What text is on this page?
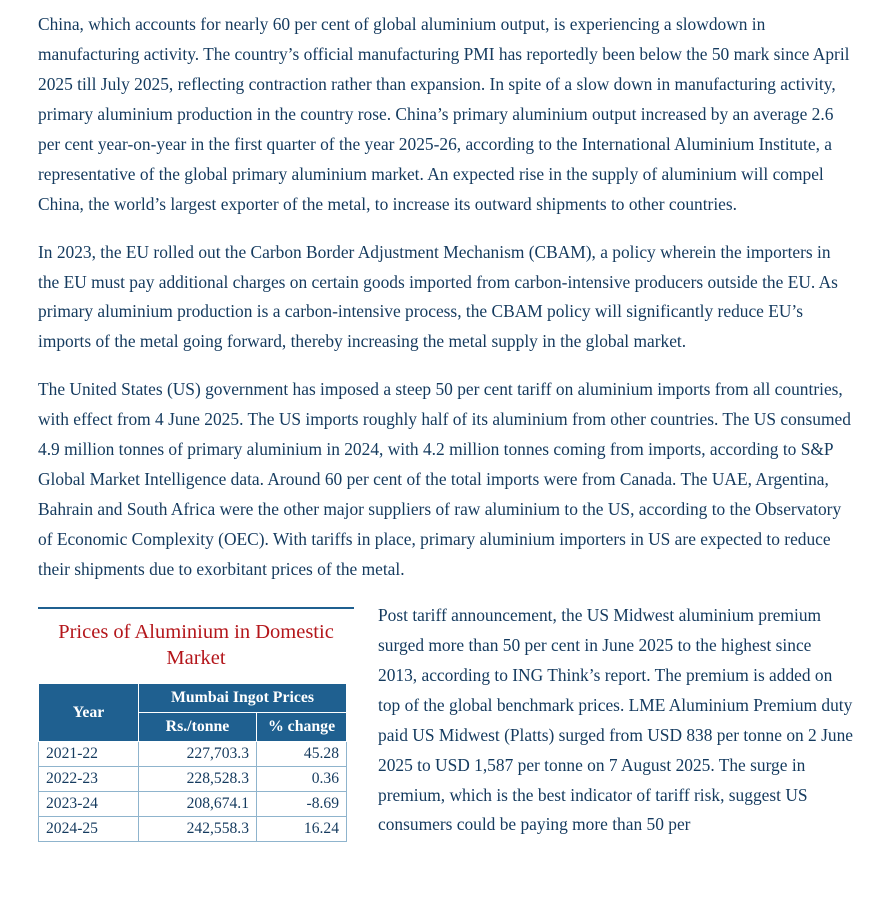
China, which accounts for nearly 60 per cent of global aluminium output, is experiencing a slowdown in manufacturing activity. The country’s official manufacturing PMI has reportedly been below the 50 mark since April 2025 till July 2025, reflecting contraction rather than expansion. In spite of a slow down in manufacturing activity, primary aluminium production in the country rose. China’s primary aluminium output increased by an average 2.6 per cent year-on-year in the first quarter of the year 2025-26, according to the International Aluminium Institute, a representative of the global primary aluminium market. An expected rise in the supply of aluminium will compel China, the world’s largest exporter of the metal, to increase its outward shipments to other countries.

In 2023, the EU rolled out the Carbon Border Adjustment Mechanism (CBAM), a policy wherein the importers in the EU must pay additional charges on certain goods imported from carbon-intensive producers outside the EU. As primary aluminium production is a carbon-intensive process, the CBAM policy will significantly reduce EU’s imports of the metal going forward, thereby increasing the metal supply in the global market.

The United States (US) government has imposed a steep 50 per cent tariff on aluminium imports from all countries, with effect from 4 June 2025. The US imports roughly half of its aluminium from other countries. The US consumed 4.9 million tonnes of primary aluminium in 2024, with 4.2 million tonnes coming from imports, according to S&P Global Market Intelligence data. Around 60 per cent of the total imports were from Canada. The UAE, Argentina, Bahrain and South Africa were the other major suppliers of raw aluminium to the US, according to the Observatory of Economic Complexity (OEC). With tariffs in place, primary aluminium importers in US are expected to reduce their shipments due to exorbitant prices of the metal.

Prices of Aluminium in Domestic Market
Year	Mumbai Ingot Prices	
	Rs./tonne	% change
2021-22	227,703.3	45.28
2022-23	228,528.3	0.36
2023-24	208,674.1	-8.69
2024-25	242,558.3	16.24

Post tariff announcement, the US Midwest aluminium premium surged more than 50 per cent in June 2025 to the highest since 2013, according to ING Think’s report. The premium is added on top of the global benchmark prices. LME Aluminium Premium duty paid US Midwest (Platts) surged from USD 838 per tonne on 2 June 2025 to USD 1,587 per tonne on 7 August 2025. The surge in premium, which is the best indicator of tariff risk, suggest US consumers could be paying more than 50 per
